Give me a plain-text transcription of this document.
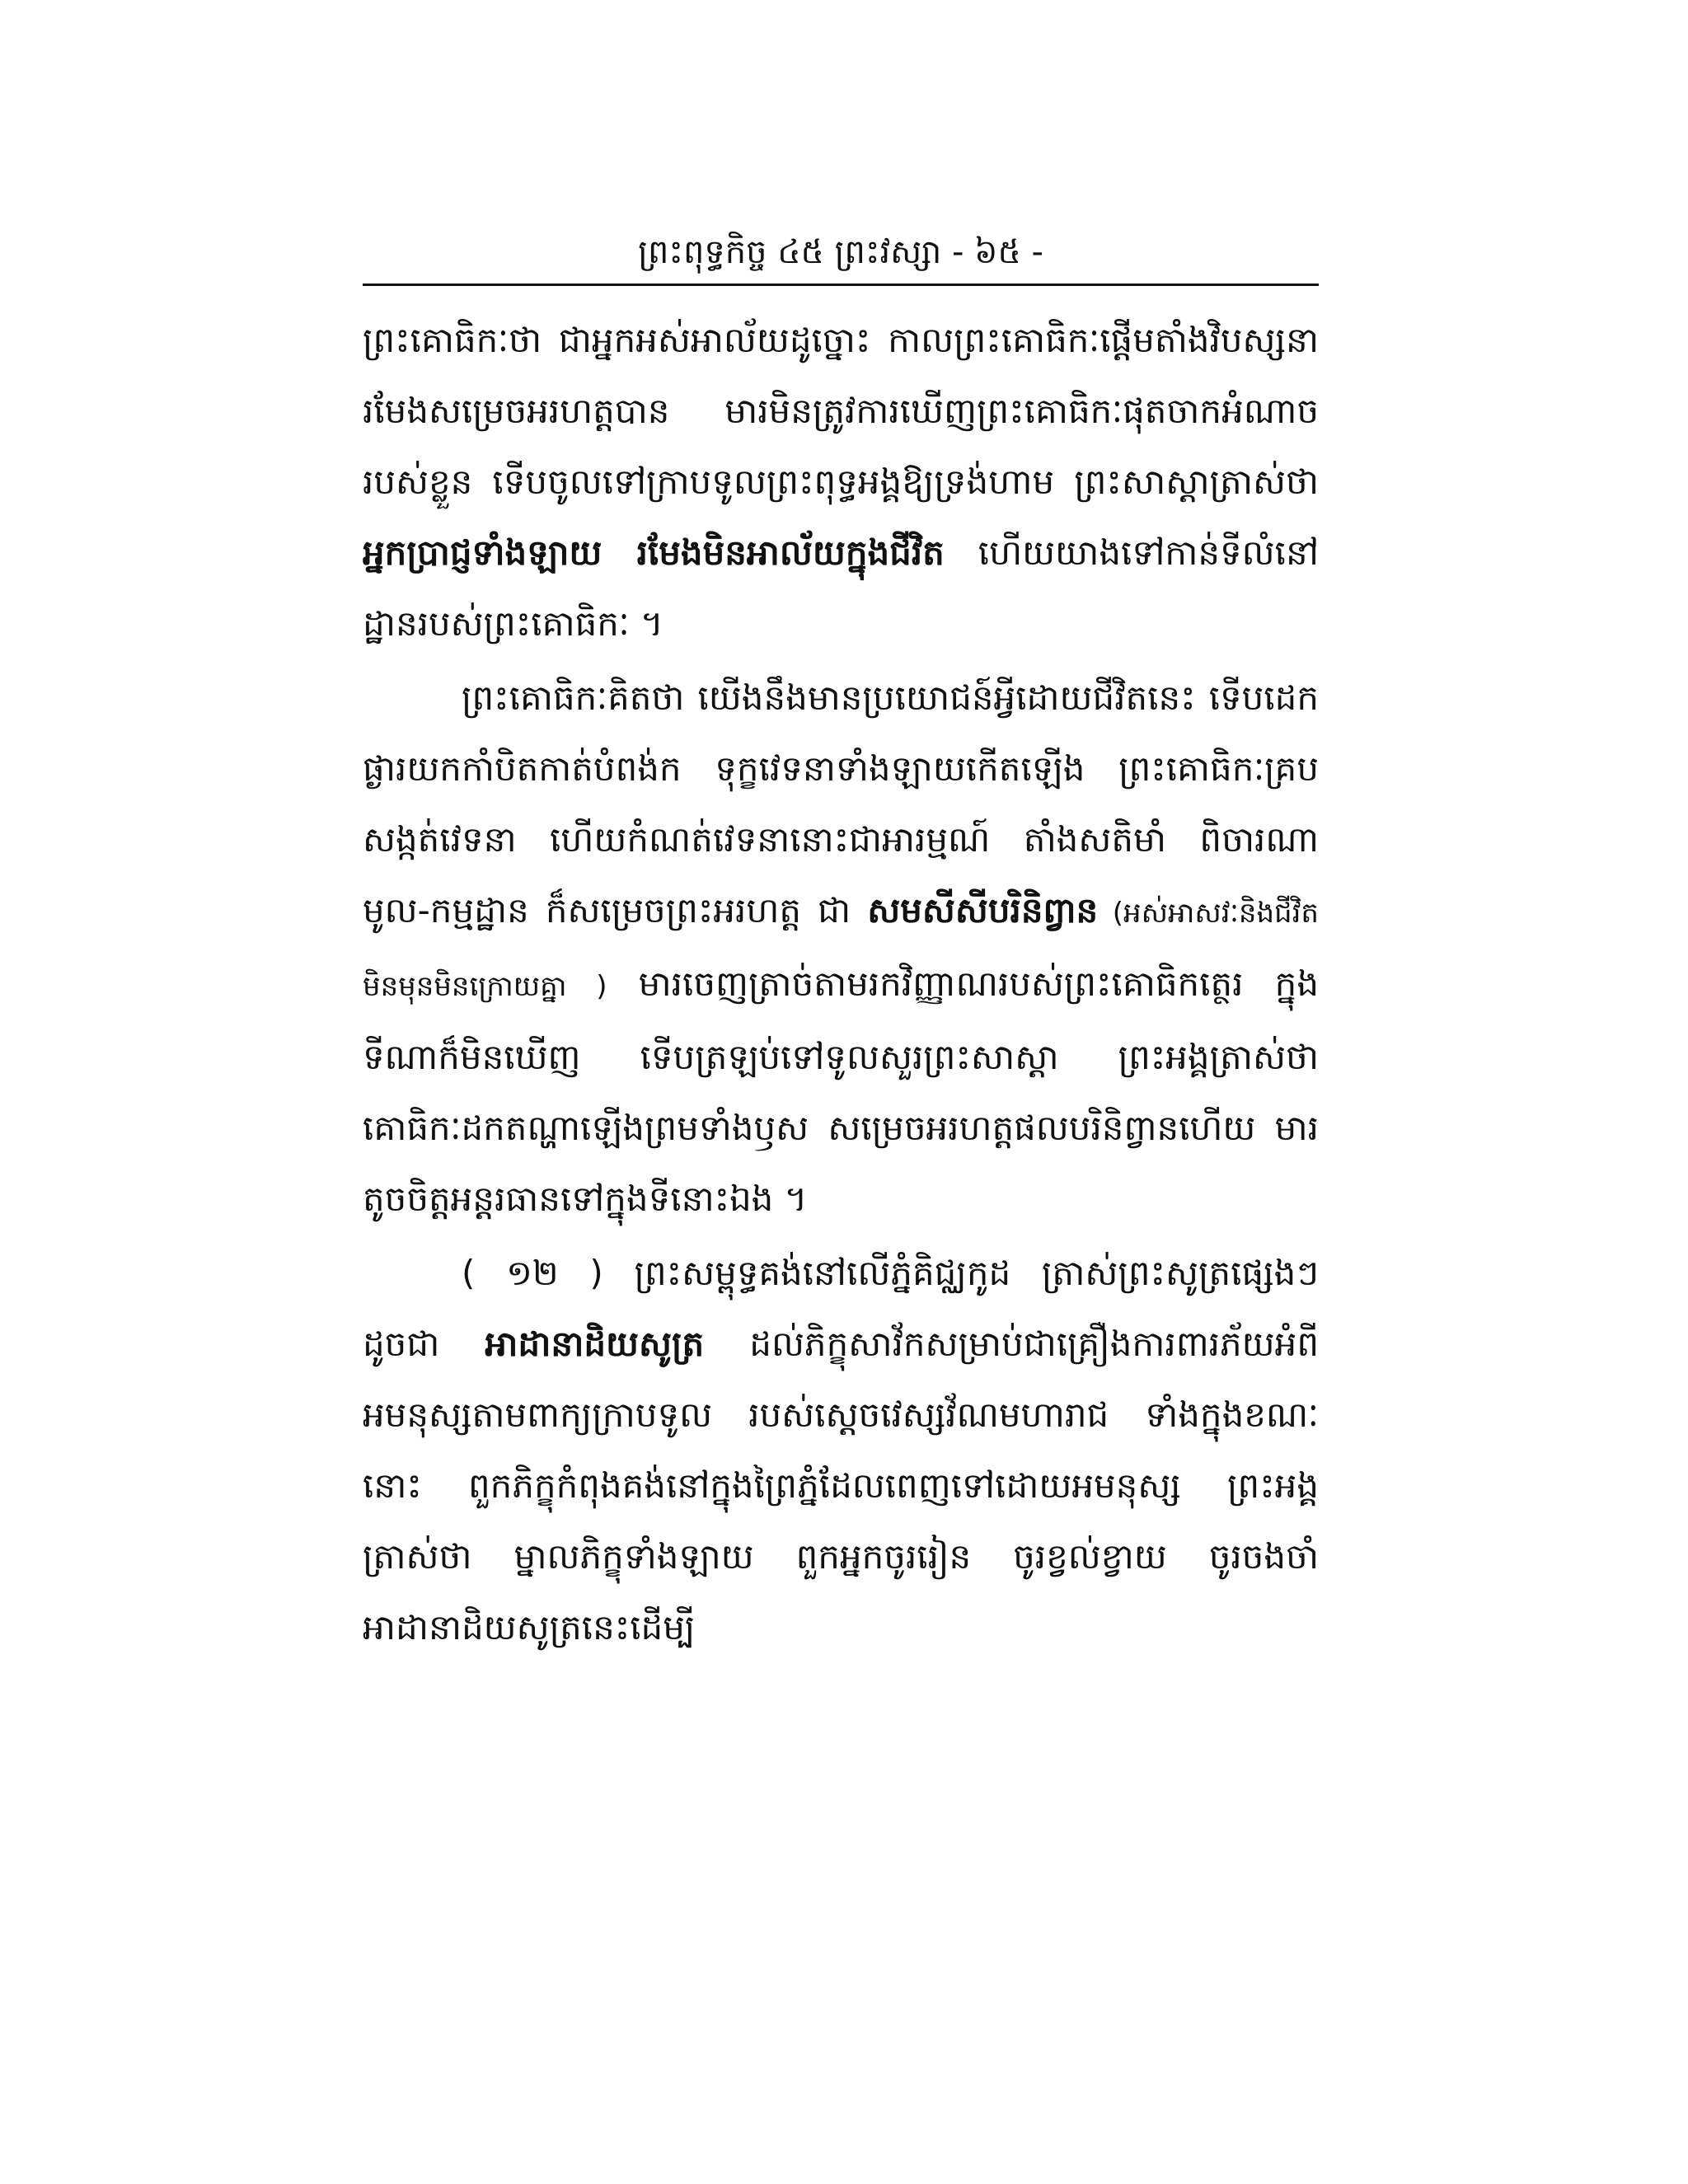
ព្រះពុទ្ធកិច្ច ៤៥ ព្រះវស្សា - ៦៥ -

ព្រះគោធិកៈថា ជាអ្នកអស់អាល័យដូច្នោះ កាលព្រះគោធិកៈផ្ដើមតាំងវិបស្សនា រមែងសម្រេចអរហត្តបាន មារមិនត្រូវការឃើញព្រះគោធិកៈផុតចាកអំណាចរបស់ខ្លួន ទើបចូលទៅក្រាបទូលព្រះពុទ្ធអង្គឱ្យទ្រង់ហាម ព្រះសាស្ដាត្រាស់ថា អ្នកប្រាជ្ញទាំងឡាយ រមែងមិនអាល័យក្នុងជីវិត ហើយយាងទៅកាន់ទីលំនៅដ្ឋានរបស់ព្រះគោធិកៈ ។

ព្រះគោធិកៈគិតថា យើងនឹងមានប្រយោជន៍អ្វីដោយជីវិតនេះ ទើបដេកផ្ងារយកកាំបិតកាត់បំពង់ក ទុក្ខវេទនាទាំងឡាយកើតឡើង ព្រះគោធិកៈគ្របសង្កត់វេទនា ហើយកំណត់វេទនានោះជាអារម្មណ៍ តាំងសតិមាំ ពិចារណាមូល-កម្មដ្ឋាន ក៏សម្រេចព្រះអរហត្ត ជា សមសីសីបរិនិព្វាន (អស់អាសវៈនិងជីវិតមិនមុនមិនក្រោយគ្នា ) មារចេញត្រាច់តាមរកវិញ្ញាណរបស់ព្រះគោធិកត្ថេរ ក្នុងទីណាក៏មិនឃើញ ទើបត្រឡប់ទៅទូលសួរព្រះសាស្ដា ព្រះអង្គត្រាស់ថា គោធិកៈដកតណ្ហាឡើងព្រមទាំងឫស សម្រេចអរហត្តផលបរិនិព្វានហើយ មារតូចចិត្តអន្តរធានទៅក្នុងទីនោះឯង ។

( ១២ ) ព្រះសម្ពុទ្ធគង់នៅលើភ្នំគិជ្ឈកូដ ត្រាស់ព្រះសូត្រផ្សេងៗ ដូចជា អាដានាដិយសូត្រ ដល់ភិក្ខុសាវ័កសម្រាប់ជាគ្រឿងការពារភ័យអំពីអមនុស្សតាមពាក្យក្រាបទូល របស់ស្ដេចវេស្សវ័ណមហារាជ ទាំងក្នុងខណៈនោះ ពួកភិក្ខុកំពុងគង់នៅក្នុងព្រៃភ្នំដែលពេញទៅដោយអមនុស្ស ព្រះអង្គត្រាស់ថា ម្នាលភិក្ខុទាំងឡាយ ពួកអ្នកចូររៀន ចូរខ្វល់ខ្វាយ ចូរចងចាំអាដានាដិយសូត្រនេះដើម្បី
